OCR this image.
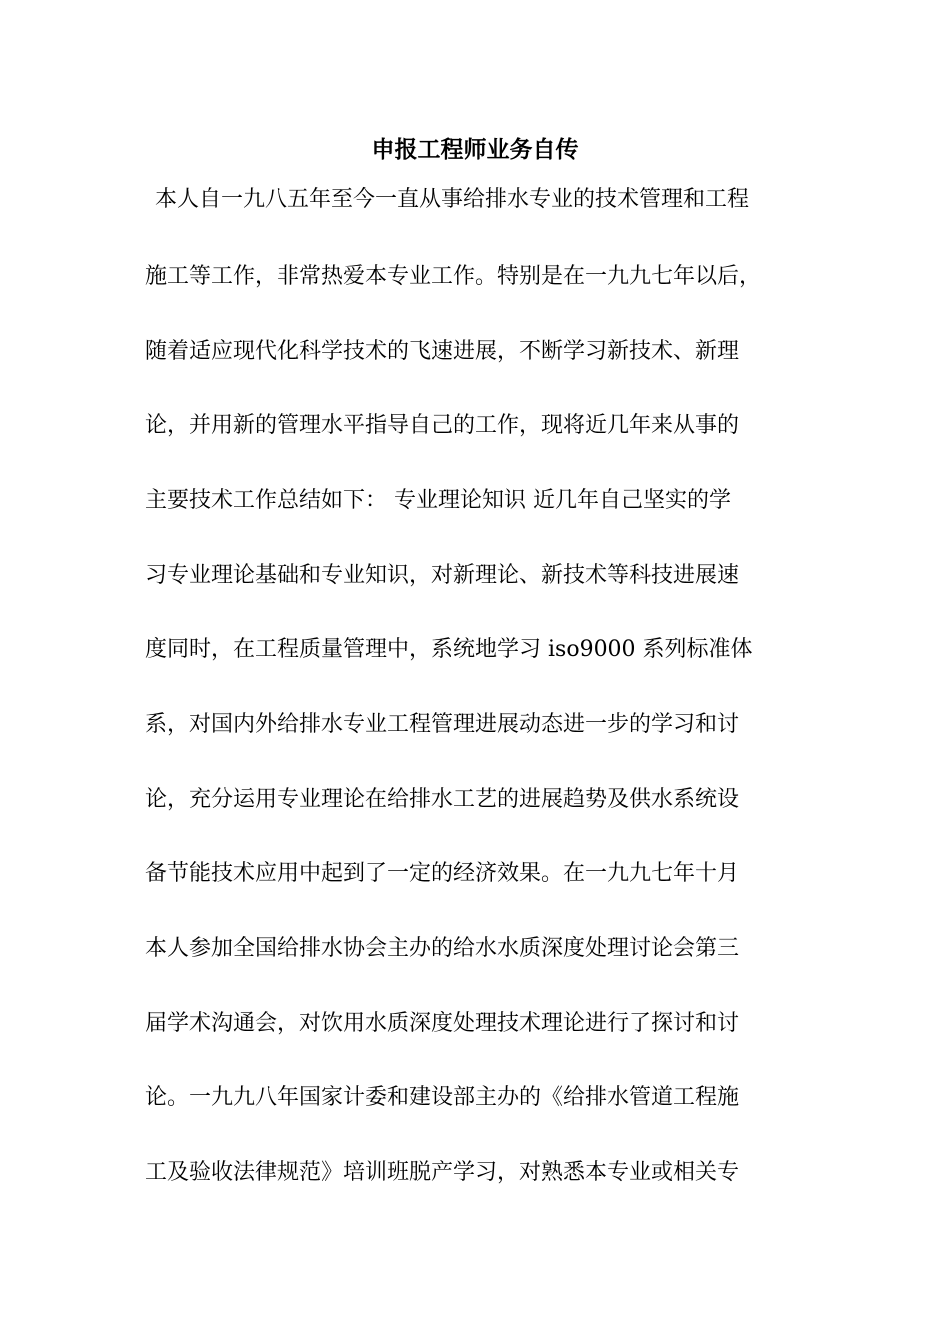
申报工程师业务自传

本人自一九八五年至今一直从事给排水专业的技术管理和工程

施工等工作，非常热爱本专业工作。特别是在一九九七年以后，

随着适应现代化科学技术的飞速进展，不断学习新技术、新理

论，并用新的管理水平指导自己的工作，现将近几年来从事的

主要技术工作总结如下： 专业理论知识 近几年自己坚实的学

习专业理论基础和专业知识，对新理论、新技术等科技进展速

度同时，在工程质量管理中，系统地学习 iso9000 系列标准体

系，对国内外给排水专业工程管理进展动态进一步的学习和讨

论，充分运用专业理论在给排水工艺的进展趋势及供水系统设

备节能技术应用中起到了一定的经济效果。在一九九七年十月

本人参加全国给排水协会主办的给水水质深度处理讨论会第三

届学术沟通会，对饮用水质深度处理技术理论进行了探讨和讨

论。一九九八年国家计委和建设部主办的《给排水管道工程施

工及验收法律规范》培训班脱产学习，对熟悉本专业或相关专
